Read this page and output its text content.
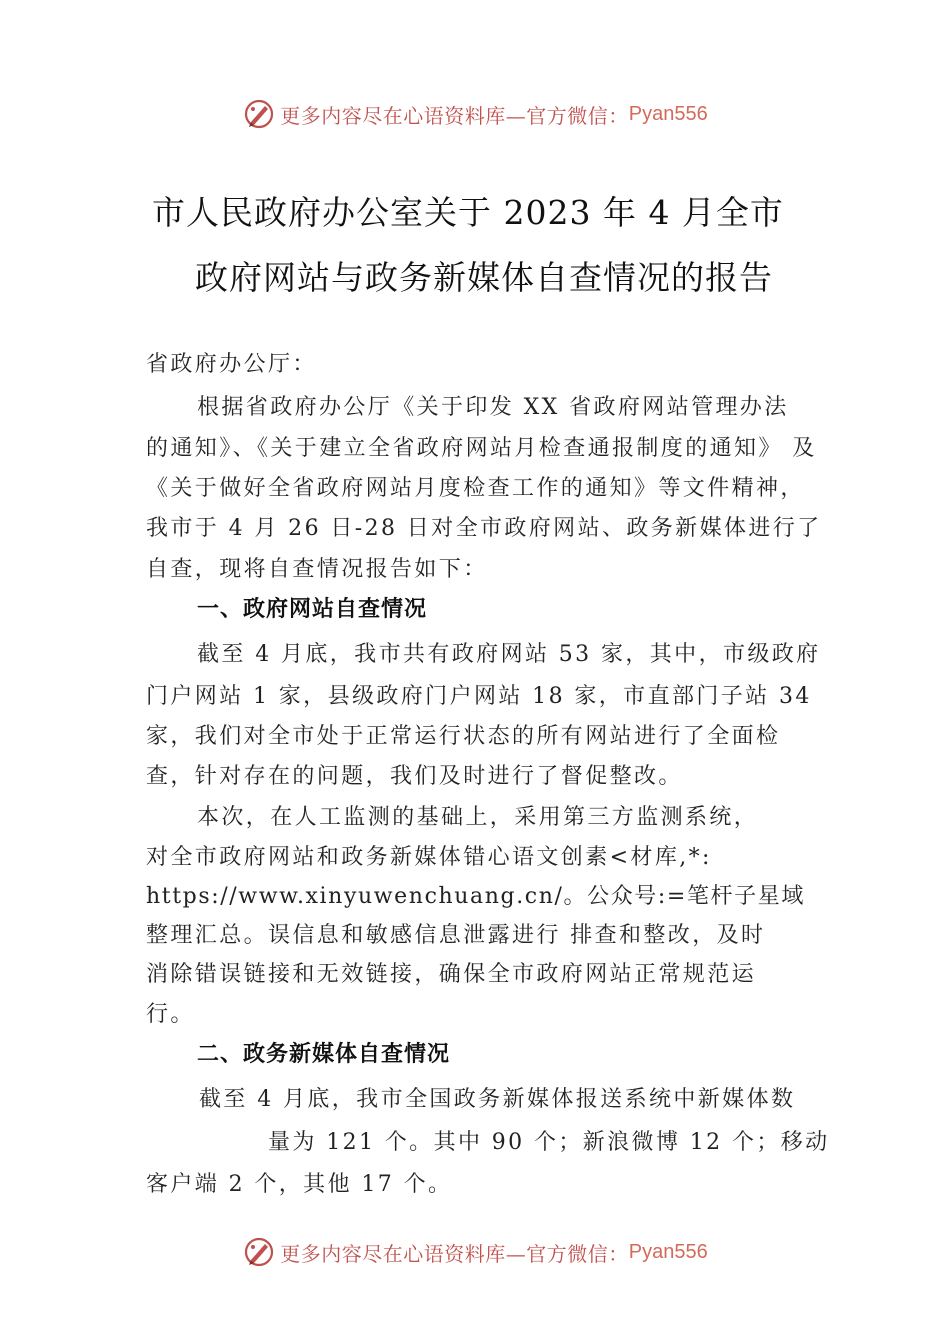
更多内容尽在心语资料库—官方微信： Pyan556
市人民政府办公室关于 2023 年 4 月全市
政府网站与政务新媒体自查情况的报告
省政府办公厅：
根据省政府办公厅《关于印发 XX 省政府网站管理办法
的通知》、《关于建立全省政府网站月检查通报制度的通知》 及
《关于做好全省政府网站月度检查工作的通知》等文件精神，
我市于 4 月 26 日-28 日对全市政府网站、政务新媒体进行了
自查，现将自查情况报告如下：
一、政府网站自查情况
截至 4 月底，我市共有政府网站 53 家，其中，市级政府
门户网站 1 家，县级政府门户网站 18 家，市直部门子站 34
家，我们对全市处于正常运行状态的所有网站进行了全面检
查，针对存在的问题，我们及时进行了督促整改。
本次，在人工监测的基础上，采用第三方监测系统，
对全市政府网站和政务新媒体错心语文创素<材库,*:
https://www.xinyuwenchuang.cn/。公众号:=笔杆子星域
整理汇总。误信息和敏感信息泄露进行 排查和整改，及时
消除错误链接和无效链接，确保全市政府网站正常规范运
行。
二、政务新媒体自查情况
截至 4 月底，我市全国政务新媒体报送系统中新媒体数
量为 121 个。其中 90 个；新浪微博 12 个；移动
客户端 2 个，其他 17 个。
更多内容尽在心语资料库—官方微信： Pyan556
